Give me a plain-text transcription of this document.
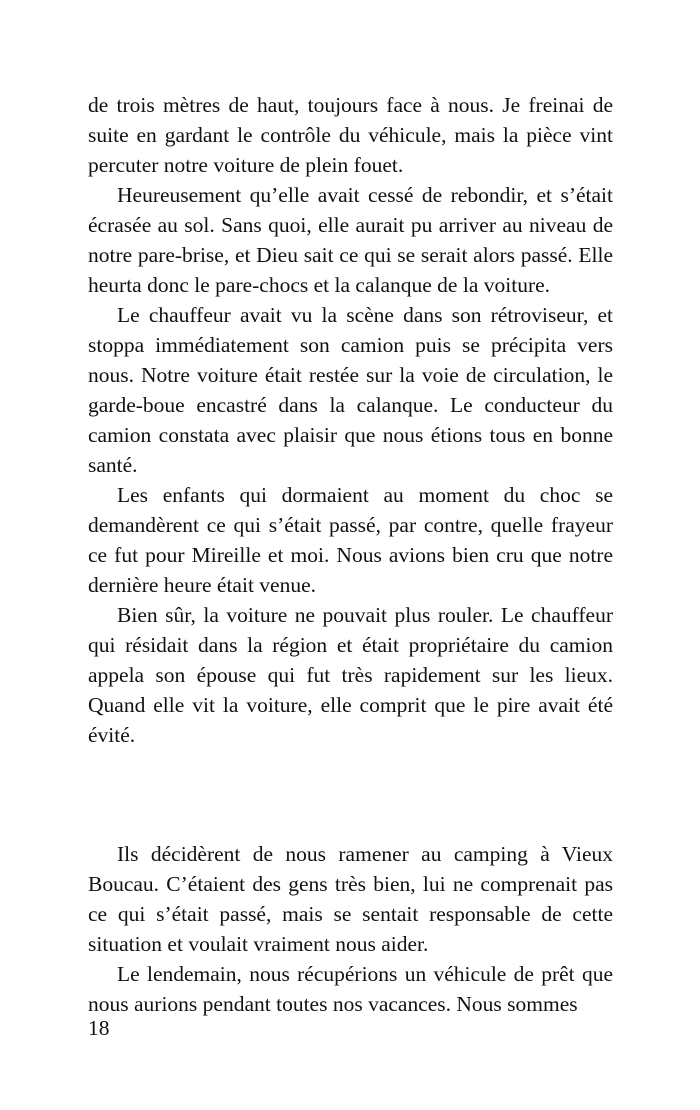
de trois mètres de haut, toujours face à nous. Je freinai de suite en gardant le contrôle du véhicule, mais la pièce vint percuter notre voiture de plein fouet.

Heureusement qu’elle avait cessé de rebondir, et s’était écrasée au sol. Sans quoi, elle aurait pu arriver au niveau de notre pare-brise, et Dieu sait ce qui se serait alors passé. Elle heurta donc le pare-chocs et la calanque de la voiture.

Le chauffeur avait vu la scène dans son rétroviseur, et stoppa immédiatement son camion puis se précipita vers nous. Notre voiture était restée sur la voie de circulation, le garde-boue encastré dans la calanque. Le conducteur du camion constata avec plaisir que nous étions tous en bonne santé.

Les enfants qui dormaient au moment du choc se demandèrent ce qui s’était passé, par contre, quelle frayeur ce fut pour Mireille et moi. Nous avions bien cru que notre dernière heure était venue.

Bien sûr, la voiture ne pouvait plus rouler. Le chauffeur qui résidait dans la région et était propriétaire du camion appela son épouse qui fut très rapidement sur les lieux. Quand elle vit la voiture, elle comprit que le pire avait été évité.

Ils décidèrent de nous ramener au camping à Vieux Boucau. C’étaient des gens très bien, lui ne comprenait pas ce qui s’était passé, mais se sentait responsable de cette situation et voulait vraiment nous aider.

Le lendemain, nous récupérions un véhicule de prêt que nous aurions pendant toutes nos vacances. Nous sommes

18
